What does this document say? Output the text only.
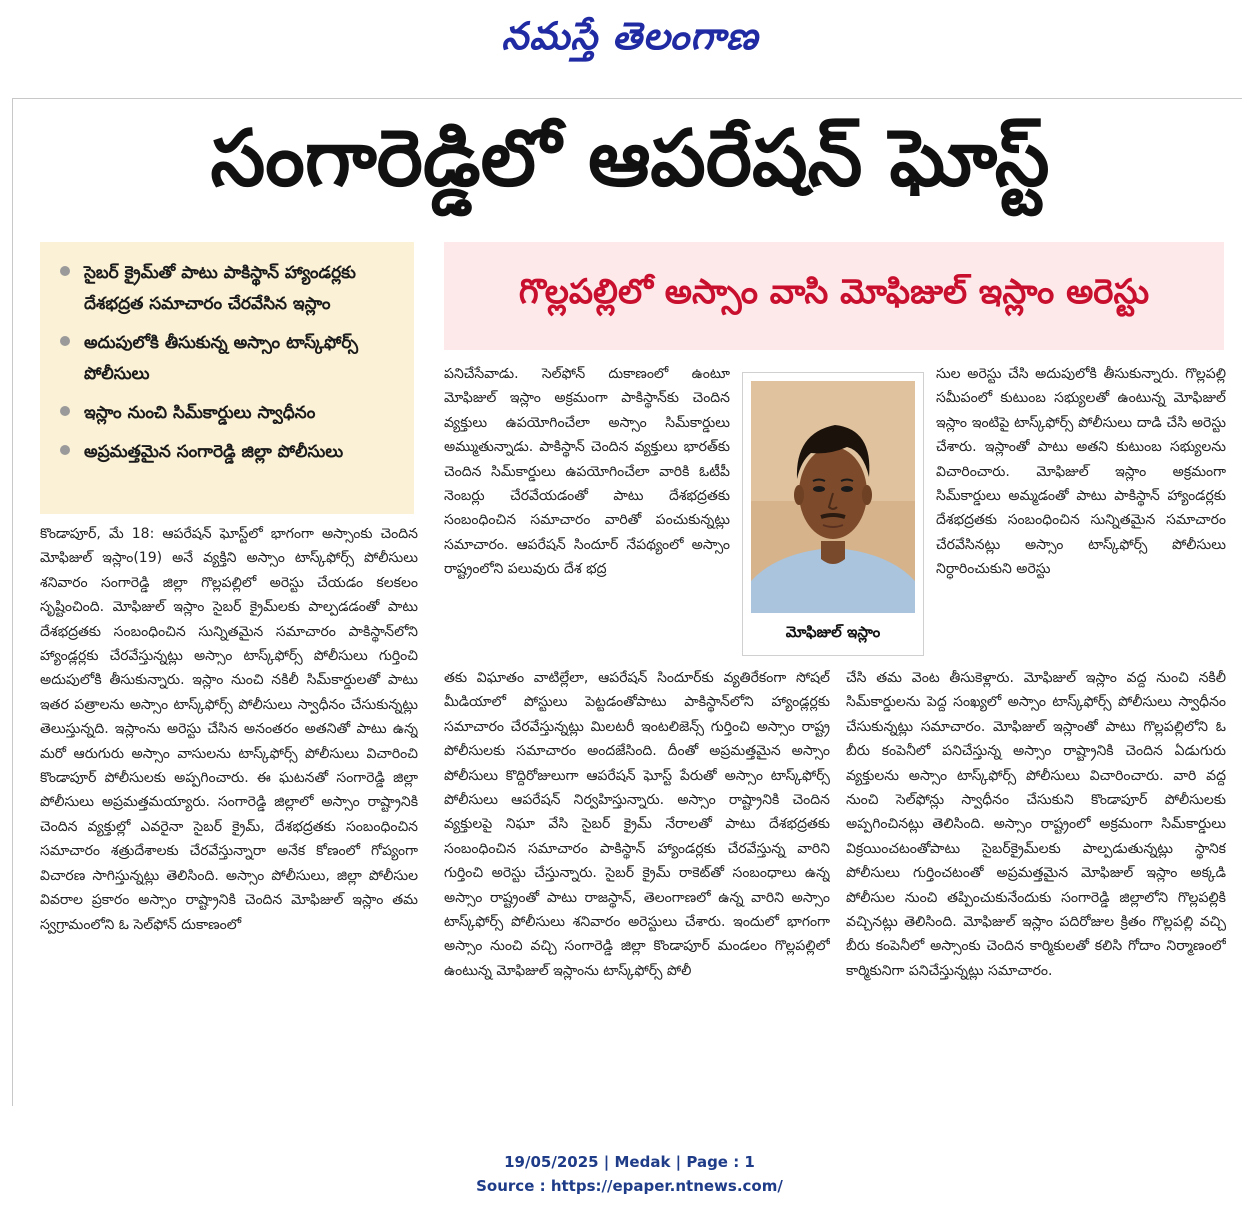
నమస్తే తెలంగాణ
సంగారెడ్డిలో ఆపరేషన్ ఘోస్ట్
సైబర్ క్రైమ్‌తో పాటు పాకిస్థాన్ హ్యాండర్లకు దేశభద్రత సమాచారం చేరవేసిన ఇస్లాం
అదుపులోకి తీసుకున్న అస్సాం టాస్క్‌ఫోర్స్ పోలీసులు
ఇస్లాం నుంచి సిమ్‌కార్డులు స్వాధీనం
అప్రమత్తమైన సంగారెడ్డి జిల్లా పోలీసులు
గొల్లపల్లిలో అస్సాం వాసి మోఫిజుల్ ఇస్లాం అరెస్టు
కొండాపూర్, మే 18: ఆపరేషన్ ఘోస్ట్‌లో భాగంగా అస్సాంకు చెందిన మోఫిజుల్ ఇస్లాం(19) అనే వ్యక్తిని అస్సాం టాస్క్‌ఫోర్స్ పోలీసులు శనివారం సంగారెడ్డి జిల్లా గొల్లపల్లిలో అరెస్టు చేయడం కలకలం సృష్టించింది. మోఫిజుల్ ఇస్లాం సైబర్ క్రైమ్‌లకు పాల్పడడంతో పాటు దేశభద్రతకు సంబంధించిన సున్నితమైన సమాచారం పాకిస్థాన్‌లోని హ్యాండ్లర్లకు చేరవేస్తున్నట్లు అస్సాం టాస్క్‌ఫోర్స్ పోలీసులు గుర్తించి అదుపులోకి తీసుకున్నారు. ఇస్లాం నుంచి నకిలీ సిమ్‌కార్డులతో పాటు ఇతర పత్రాలను అస్సాం టాస్క్‌ఫోర్స్ పోలీసులు స్వాధీనం చేసుకున్నట్లు తెలుస్తున్నది. ఇస్లాంను అరెస్టు చేసిన అనంతరం అతనితో పాటు ఉన్న మరో ఆరుగురు అస్సాం వాసులను టాస్క్‌ఫోర్స్ పోలీసులు విచారించి కొండాపూర్ పోలీసులకు అప్పగించారు. ఈ ఘటనతో సంగారెడ్డి జిల్లా పోలీసులు అప్రమత్తమయ్యారు. సంగారెడ్డి జిల్లాలో అస్సాం రాష్ట్రానికి చెందిన వ్యక్తుల్లో ఎవరైనా సైబర్ క్రైమ్, దేశభద్రతకు సంబంధించిన సమాచారం శత్రుదేశాలకు చేరవేస్తున్నారా అనేక కోణంలో గోప్యంగా విచారణ సాగిస్తున్నట్లు తెలిసింది. అస్సాం పోలీసులు, జిల్లా పోలీసుల వివరాల ప్రకారం అస్సాం రాష్ట్రానికి చెందిన మోఫిజుల్ ఇస్లాం తమ స్వగ్రామంలోని ఓ సెల్‌ఫోన్ దుకాణంలో
పనిచేసేవాడు. సెల్‌ఫోన్ దుకాణంలో ఉంటూ మోఫిజుల్ ఇస్లాం అక్రమంగా పాకిస్థాన్‌కు చెందిన వ్యక్తులు ఉపయోగించేలా అస్సాం సిమ్‌కార్డులు అమ్ముతున్నాడు. పాకిస్థాన్ చెందిన వ్యక్తులు భారత్‌కు చెందిన సిమ్‌కార్డులు ఉపయోగించేలా వారికి ఓటీపీ నెంబర్లు చేరవేయడంతో పాటు దేశభద్రతకు సంబంధించిన సమాచారం వారితో పంచుకున్నట్లు సమాచారం. ఆపరేషన్ సిందూర్ నేపథ్యంలో అస్సాం రాష్ట్రంలోని పలువురు దేశ భద్ర
తకు విఘాతం వాటిల్లేలా, ఆపరేషన్ సిందూర్‌కు వ్యతిరేకంగా సోషల్ మీడియాలో పోస్టులు పెట్టడంతోపాటు పాకిస్థాన్‌లోని హ్యాండ్లర్లకు సమాచారం చేరవేస్తున్నట్లు మిలటరీ ఇంటలిజెన్స్ గుర్తించి అస్సాం రాష్ట్ర పోలీసులకు సమాచారం అందజేసింది. దీంతో అప్రమత్తమైన అస్సాం పోలీసులు కొద్దిరోజులుగా ఆపరేషన్ ఘోస్ట్ పేరుతో అస్సాం టాస్క్‌ఫోర్స్ పోలీసులు ఆపరేషన్ నిర్వహిస్తున్నారు. అస్సాం రాష్ట్రానికి చెందిన వ్యక్తులపై నిఘా వేసి సైబర్ క్రైమ్ నేరాలతో పాటు దేశభద్రతకు సంబంధించిన సమాచారం పాకిస్థాన్ హ్యాండర్లకు చేరవేస్తున్న వారిని గుర్తించి అరెస్టు చేస్తున్నారు. సైబర్ క్రైమ్ రాకెట్‌తో సంబంధాలు ఉన్న అస్సాం రాష్ట్రంతో పాటు రాజస్థాన్, తెలంగాణలో ఉన్న వారిని అస్సాం టాస్క్‌ఫోర్స్ పోలీసులు శనివారం అరెస్టులు చేశారు. ఇందులో భాగంగా అస్సాం నుంచి వచ్చి సంగారెడ్డి జిల్లా కొండాపూర్ మండలం గొల్లపల్లిలో ఉంటున్న మోఫిజుల్ ఇస్లాంను టాస్క్‌ఫోర్స్ పోలీ
సుల అరెస్టు చేసి అదుపులోకి తీసుకున్నారు. గొల్లపల్లి సమీపంలో కుటుంబ సభ్యులతో ఉంటున్న మోఫిజుల్ ఇస్లాం ఇంటిపై టాస్క్‌ఫోర్స్ పోలీసులు దాడి చేసి అరెస్టు చేశారు. ఇస్లాంతో పాటు అతని కుటుంబ సభ్యులను విచారించారు. మోఫిజుల్ ఇస్లాం అక్రమంగా సిమ్‌కార్డులు అమ్మడంతో పాటు పాకిస్థాన్ హ్యాండర్లకు దేశభద్రతకు సంబంధించిన సున్నితమైన సమాచారం చేరవేసినట్లు అస్సాం టాస్క్‌ఫోర్స్ పోలీసులు నిర్ధారించుకుని అరెస్టు
చేసి తమ వెంట తీసుకెళ్లారు. మోఫిజుల్ ఇస్లాం వద్ద నుంచి నకిలీ సిమ్‌కార్డులను పెద్ద సంఖ్యలో అస్సాం టాస్క్‌ఫోర్స్ పోలీసులు స్వాధీనం చేసుకున్నట్లు సమాచారం. మోఫిజుల్ ఇస్లాంతో పాటు గొల్లపల్లిలోని ఓ బీరు కంపెనీలో పనిచేస్తున్న అస్సాం రాష్ట్రానికి చెందిన ఏడుగురు వ్యక్తులను అస్సాం టాస్క్‌ఫోర్స్ పోలీసులు విచారించారు. వారి వద్ద నుంచి సెల్‌ఫోన్లు స్వాధీనం చేసుకుని కొండాపూర్ పోలీసులకు అప్పగించినట్లు తెలిసింది. అస్సాం రాష్ట్రంలో అక్రమంగా సిమ్‌కార్డులు విక్రయించటంతోపాటు సైబర్‌క్రైమ్‌లకు పాల్పడుతున్నట్లు స్థానిక పోలీసులు గుర్తించటంతో అప్రమత్తమైన మోఫిజుల్ ఇస్లాం అక్కడి పోలీసుల నుంచి తప్పించుకునేందుకు సంగారెడ్డి జిల్లాలోని గొల్లపల్లికి వచ్చినట్లు తెలిసింది. మోఫిజుల్ ఇస్లాం పదిరోజుల క్రితం గొల్లపల్లి వచ్చి బీరు కంపెనీలో అస్సాంకు చెందిన కార్మికులతో కలిసి గోదాం నిర్మాణంలో కార్మికునిగా పనిచేస్తున్నట్లు సమాచారం.
మోఫిజుల్ ఇస్లాం
19/05/2025 | Medak | Page : 1
Source : https://epaper.ntnews.com/
